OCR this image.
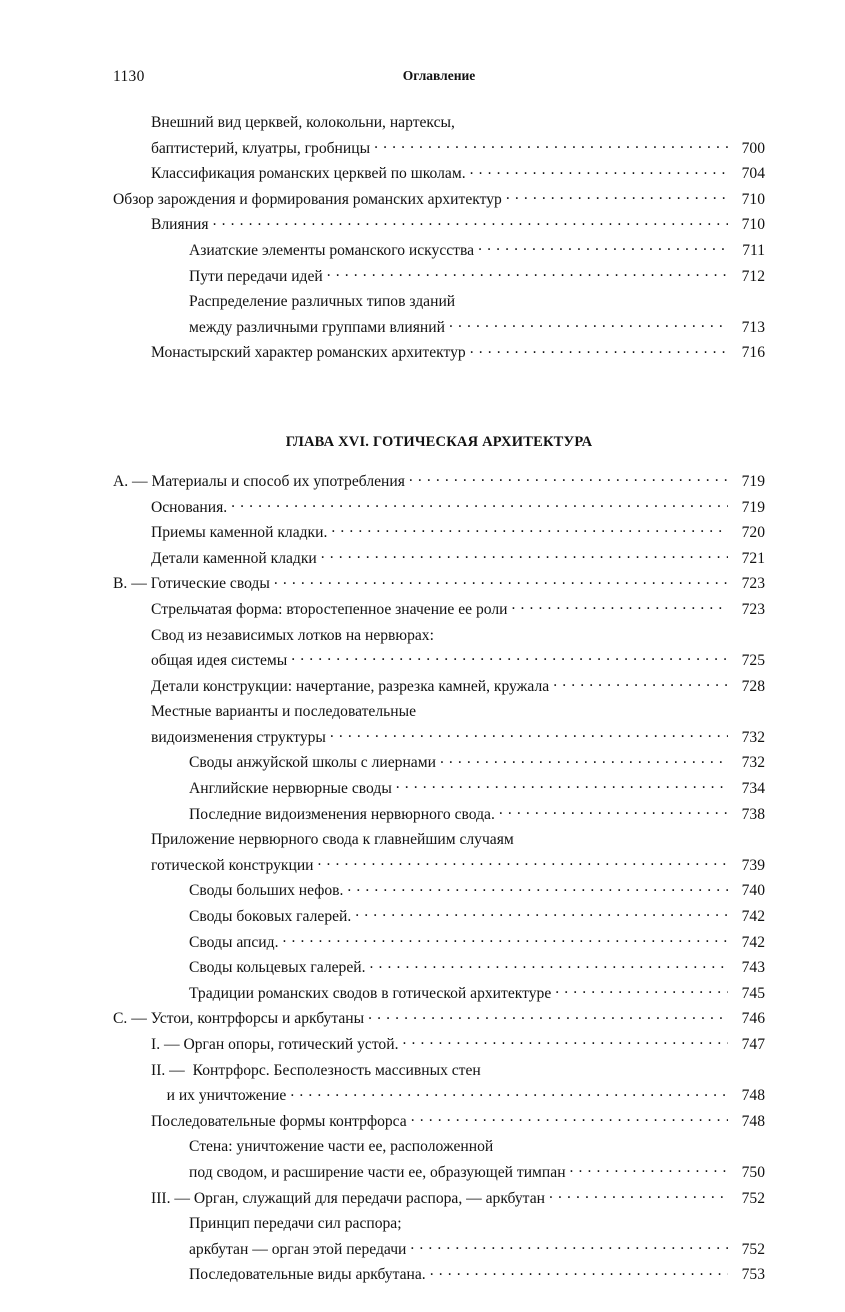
1130	Оглавление
Внешний вид церквей, колокольни, нартексы,
баптистерий, клуатры, гробницы . . .	700
Классификация романских церквей по школам. . . .	704
Обзор зарождения и формирования романских архитектур . . .	710
Влияния . . .	710
Азиатские элементы романского искусства . . .	711
Пути передачи идей . . .	712
Распределение различных типов зданий
между различными группами влияний . . .	713
Монастырский характер романских архитектур . . .	716
ГЛАВА XVI. ГОТИЧЕСКАЯ АРХИТЕКТУРА
A. — Материалы и способ их употребления . . .	719
Основания. . . .	719
Приемы каменной кладки. . . .	720
Детали каменной кладки . . .	721
B. — Готические своды . . .	723
Стрельчатая форма: второстепенное значение ее роли . . .	723
Свод из независимых лотков на нервюрах:
общая идея системы . . .	725
Детали конструкции: начертание, разрезка камней, кружала . . .	728
Местные варианты и последовательные
видоизменения структуры . . .	732
Своды анжуйской школы с лиернами . . .	732
Английские нервюрные своды . . .	734
Последние видоизменения нервюрного свода. . . .	738
Приложение нервюрного свода к главнейшим случаям
готической конструкции . . .	739
Своды больших нефов. . . .	740
Своды боковых галерей. . . .	742
Своды апсид. . . .	742
Своды кольцевых галерей. . . .	743
Традиции романских сводов в готической архитектуре . . .	745
C. — Устои, контрфорсы и аркбутаны . . .	746
I. — Орган опоры, готический устой. . . .	747
II. —  Контрфорс. Бесполезность массивных стен
и их уничтожение . . .	748
Последовательные формы контрфорса . . .	748
Стена: уничтожение части ее, расположенной
под сводом, и расширение части ее, образующей тимпан . . .	750
III. — Орган, служащий для передачи распора, — аркбутан . . .	752
Принцип передачи сил распора;
аркбутан — орган этой передачи . . .	752
Последовательные виды аркбутана. . . .	753
